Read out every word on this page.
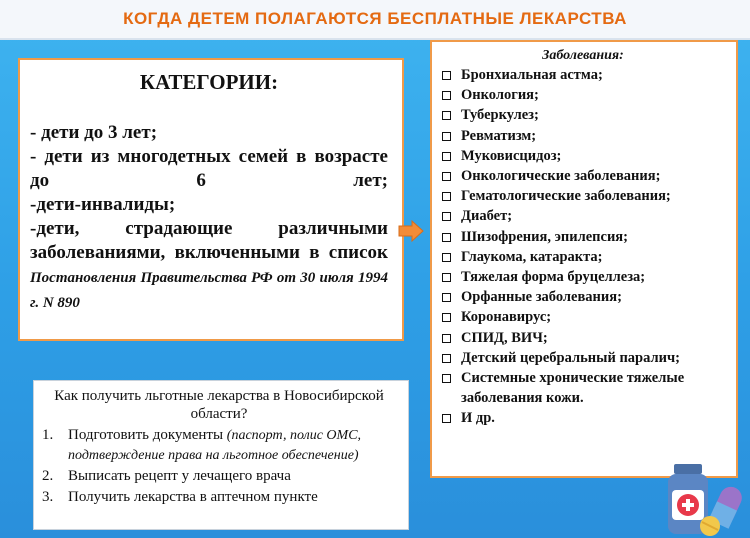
КОГДА ДЕТЕМ ПОЛАГАЮТСЯ БЕСПЛАТНЫЕ ЛЕКАРСТВА
КАТЕГОРИИ:
- дети до 3 лет;
- дети из многодетных семей в возрасте до 6 лет;
-дети-инвалиды;
-дети, страдающие различными заболеваниями, включенными в список Постановления Правительства РФ от 30 июля 1994 г. N 890
Заболевания:
Бронхиальная астма;
Онкология;
Туберкулез;
Ревматизм;
Муковисцидоз;
Онкологические заболевания;
Гематологические заболевания;
Диабет;
Шизофрения, эпилепсия;
Глаукома, катаракта;
Тяжелая форма бруцеллеза;
Орфанные заболевания;
Коронавирус;
СПИД, ВИЧ;
Детский церебральный паралич;
Системные хронические тяжелые заболевания кожи.
И др.
Как получить льготные лекарства в Новосибирской области?
1. Подготовить документы (паспорт, полис ОМС, подтверждение права на льготное обеспечение)
2. Выписать рецепт у лечащего врача
3. Получить лекарства в аптечном пункте
